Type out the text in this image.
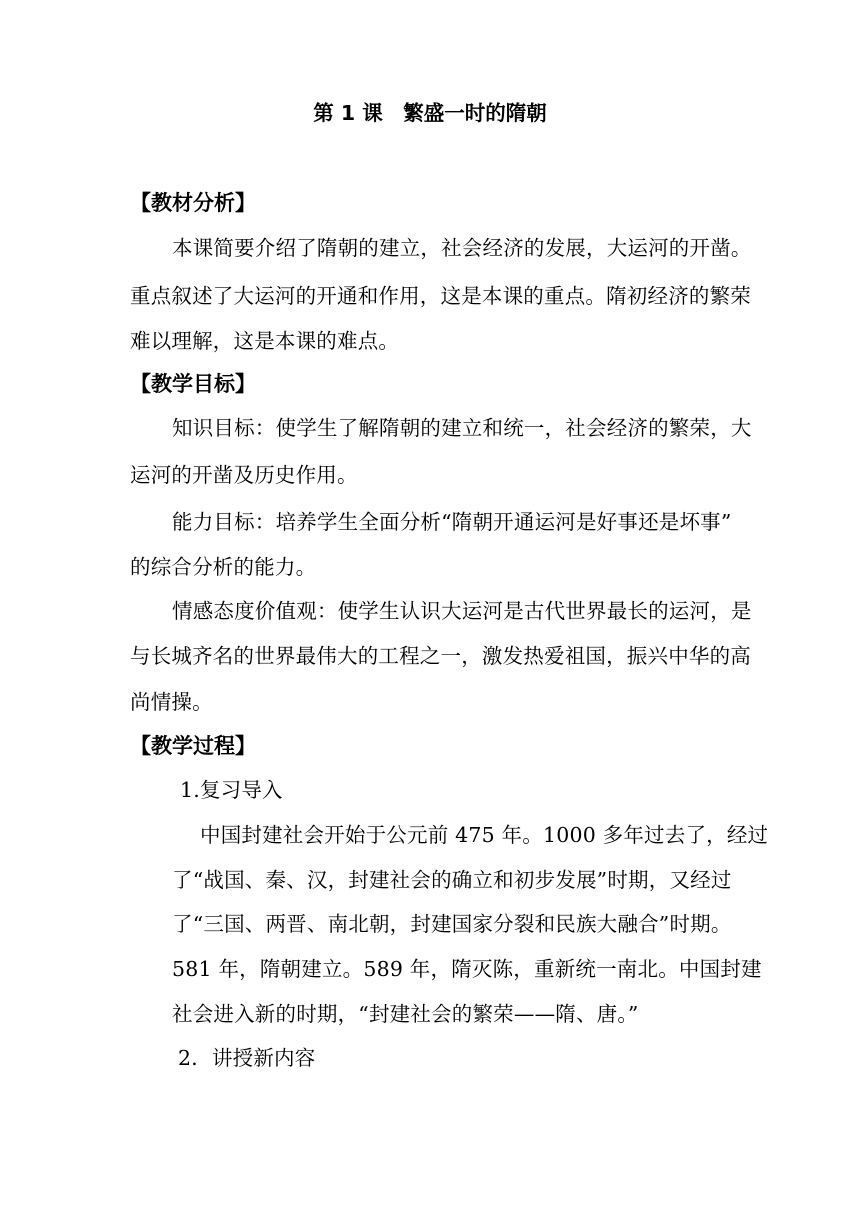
第 1 课　繁盛一时的隋朝
【教材分析】
本课简要介绍了隋朝的建立，社会经济的发展，大运河的开凿。
重点叙述了大运河的开通和作用，这是本课的重点。隋初经济的繁荣
难以理解，这是本课的难点。
【教学目标】
知识目标：使学生了解隋朝的建立和统一，社会经济的繁荣，大
运河的开凿及历史作用。
能力目标：培养学生全面分析“隋朝开通运河是好事还是坏事”
的综合分析的能力。
情感态度价值观：使学生认识大运河是古代世界最长的运河，是
与长城齐名的世界最伟大的工程之一，激发热爱祖国，振兴中华的高
尚情操。
【教学过程】
1.复习导入
中国封建社会开始于公元前 475 年。1000 多年过去了，经过
了“战国、秦、汉，封建社会的确立和初步发展”时期，又经过
了“三国、两晋、南北朝，封建国家分裂和民族大融合”时期。
581 年，隋朝建立。589 年，隋灭陈，重新统一南北。中国封建
社会进入新的时期，“封建社会的繁荣——隋、唐。”
2．讲授新内容
